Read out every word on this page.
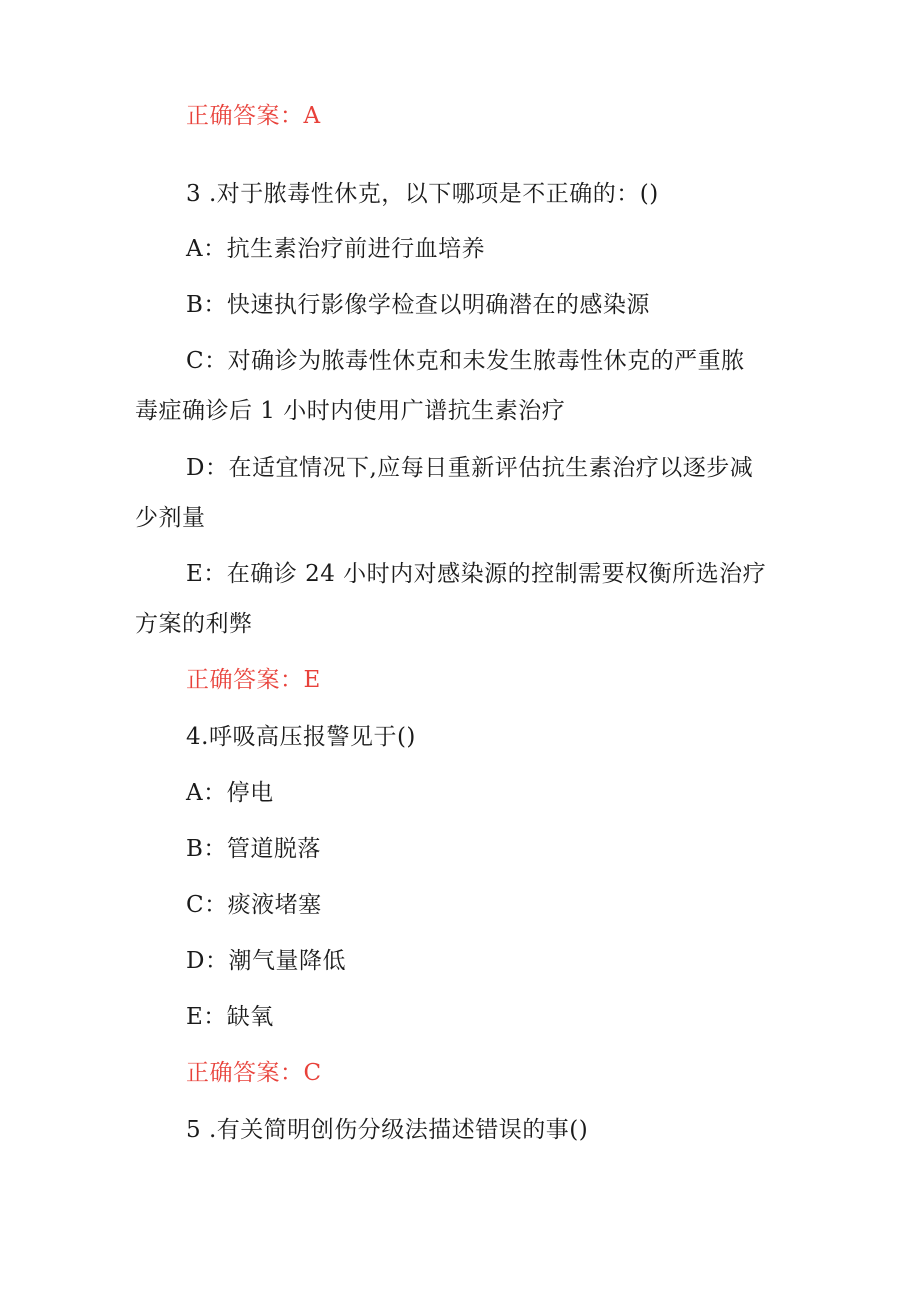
正确答案：A
3 .对于脓毒性休克，以下哪项是不正确的：()
A：抗生素治疗前进行血培养
B：快速执行影像学检查以明确潜在的感染源
C：对确诊为脓毒性休克和未发生脓毒性休克的严重脓
毒症确诊后 1 小时内使用广谱抗生素治疗
D：在适宜情况下,应每日重新评估抗生素治疗以逐步减
少剂量
E：在确诊 24 小时内对感染源的控制需要权衡所选治疗
方案的利弊
正确答案：E
4.呼吸高压报警见于()
A：停电
B：管道脱落
C：痰液堵塞
D：潮气量降低
E：缺氧
正确答案：C
5 .有关简明创伤分级法描述错误的事()
